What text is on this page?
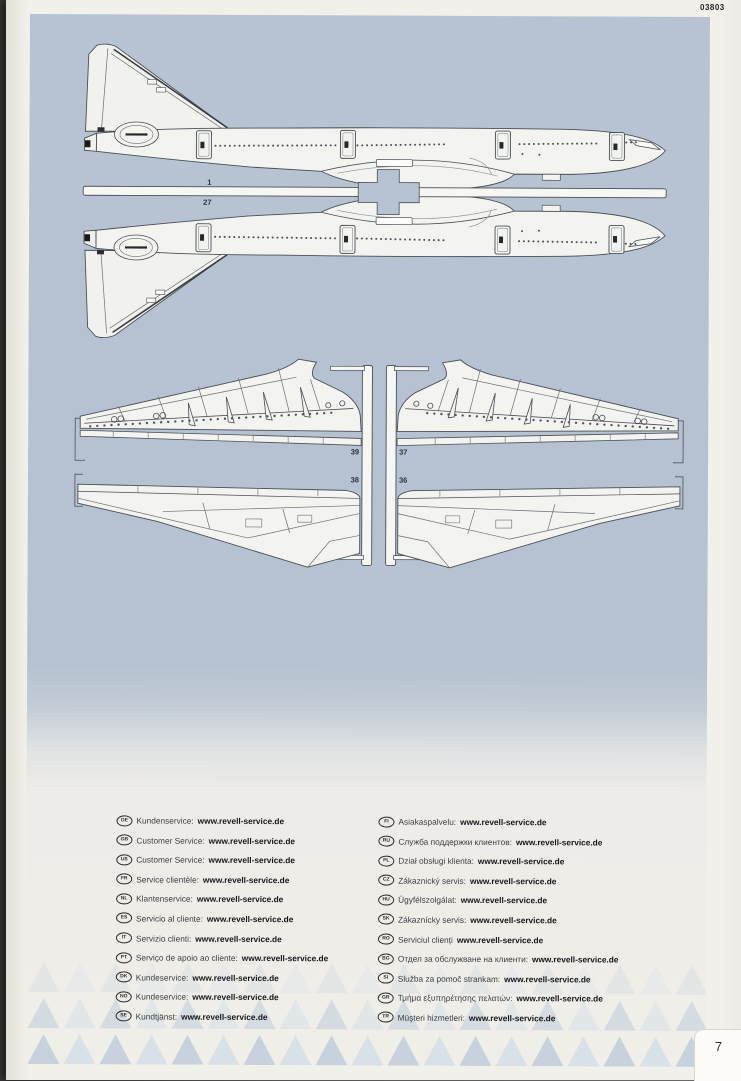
03803
1
27
39	37
38	36
DE	Kundenservice: www.revell-service.de
GB Customer Service: www.revell-service.de
US	Customer Service: www.revell-service.de
FR	Service clientèle: www.revell-service.de
NL	Klantenservice: www.revell-service.de
ES	Servicio al cliente: www.revell-service.de
IT	Servizio clienti: www.revell-service.de
PT	Serviço de apoio ao cliente: www.revell-service.de
DK	Kundeservice: www.revell-service.de
NO Kundeservice: www.revell-service.de
SE	Kundtjänst: www.revell-service.de
FI	Asiakaspalvelu: www.revell-service.de
RU	Служба поддержки клиентов: www.revell-service.de
PL	Dział obsługi klienta: www.revell-service.de
CZ	Zákaznický servis: www.revell-service.de
HU	Ügyfélszolgálat: www.revell-service.de
SK	Zákaznícky servis: www.revell-service.de
RO Serviciul clienți www.revell-service.de
BG Отдел за обслужване на клиенти: www.revell-service.de
SI	Služba za pomoč strankam: www.revell-service.de
GR Τμήμα εξυπηρέτησης πελατών: www.revell-service.de
TR	Müşteri hizmetleri: www.revell-service.de
7
